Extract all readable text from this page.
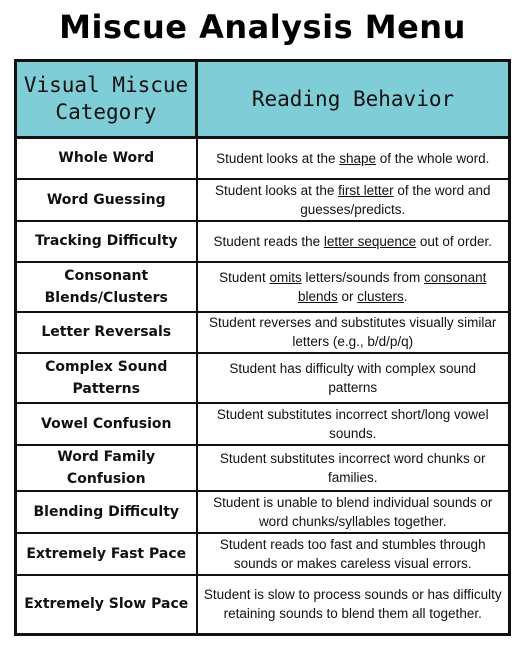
Miscue Analysis Menu
Visual Miscue Category	Reading Behavior
Whole Word	Student looks at the shape of the whole word.
Word Guessing	Student looks at the first letter of the word and guesses/predicts.
Tracking Difficulty	Student reads the letter sequence out of order.
Consonant Blends/Clusters	Student omits letters/sounds from consonant blends or clusters.
Letter Reversals	Student reverses and substitutes visually similar letters (e.g., b/d/p/q)
Complex Sound Patterns	Student has difficulty with complex sound patterns
Vowel Confusion	Student substitutes incorrect short/long vowel sounds.
Word Family Confusion	Student substitutes incorrect word chunks or families.
Blending Difficulty	Student is unable to blend individual sounds or word chunks/syllables together.
Extremely Fast Pace	Student reads too fast and stumbles through sounds or makes careless visual errors.
Extremely Slow Pace	Student is slow to process sounds or has difficulty retaining sounds to blend them all together.
